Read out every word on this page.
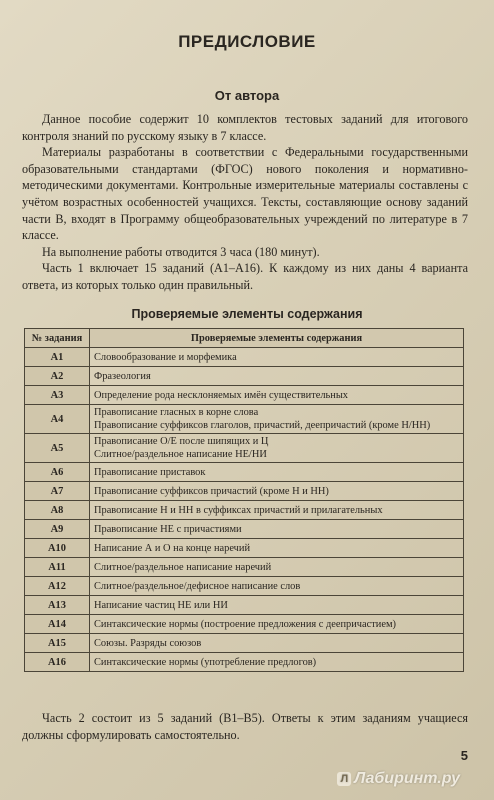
ПРЕДИСЛОВИЕ
От автора

Данное пособие содержит 10 комплектов тестовых заданий для итогового контроля знаний по русскому языку в 7 классе.

Материалы разработаны в соответствии с Федеральными государственными образовательными стандартами (ФГОС) нового поколения и нормативно-методическими документами. Контрольные измерительные материалы составлены с учётом возрастных особенностей учащихся. Тексты, составляющие основу заданий части В, входят в Программу общеобразовательных учреждений по литературе в 7 классе.

На выполнение работы отводится 3 часа (180 минут).

Часть 1 включает 15 заданий (А1–А16). К каждому из них даны 4 варианта ответа, из которых только один правильный.

Проверяемые элементы содержания
№ задания	Проверяемые элементы содержания
А1	Словообразование и морфемика

А2	Фразеология

А3	Определение рода несклоняемых имён существительных

А4	Правописание гласных в корне слова
Правописание суффиксов глаголов, причастий, деепричастий (кроме Н/НН)

А5	Правописание О/Е после шипящих и Ц
Слитное/раздельное написание НЕ/НИ

А6	Правописание приставок

А7	Правописание суффиксов причастий (кроме Н и НН)

А8	Правописание Н и НН в суффиксах причастий и прилагательных

А9	Правописание НЕ с причастиями

А10	Написание А и О на конце наречий

А11	Слитное/раздельное написание наречий

А12	Слитное/раздельное/дефисное написание слов

А13	Написание частиц НЕ или НИ

А14	Синтаксические нормы (построение предложения с деепричастием)

А15	Союзы. Разряды союзов

А16	Синтаксические нормы (употребление предлогов)

Часть 2 состоит из 5 заданий (В1–В5). Ответы к этим заданиям учащиеся должны сформулировать самостоятельно.

5
Л Лабиринт.ру
